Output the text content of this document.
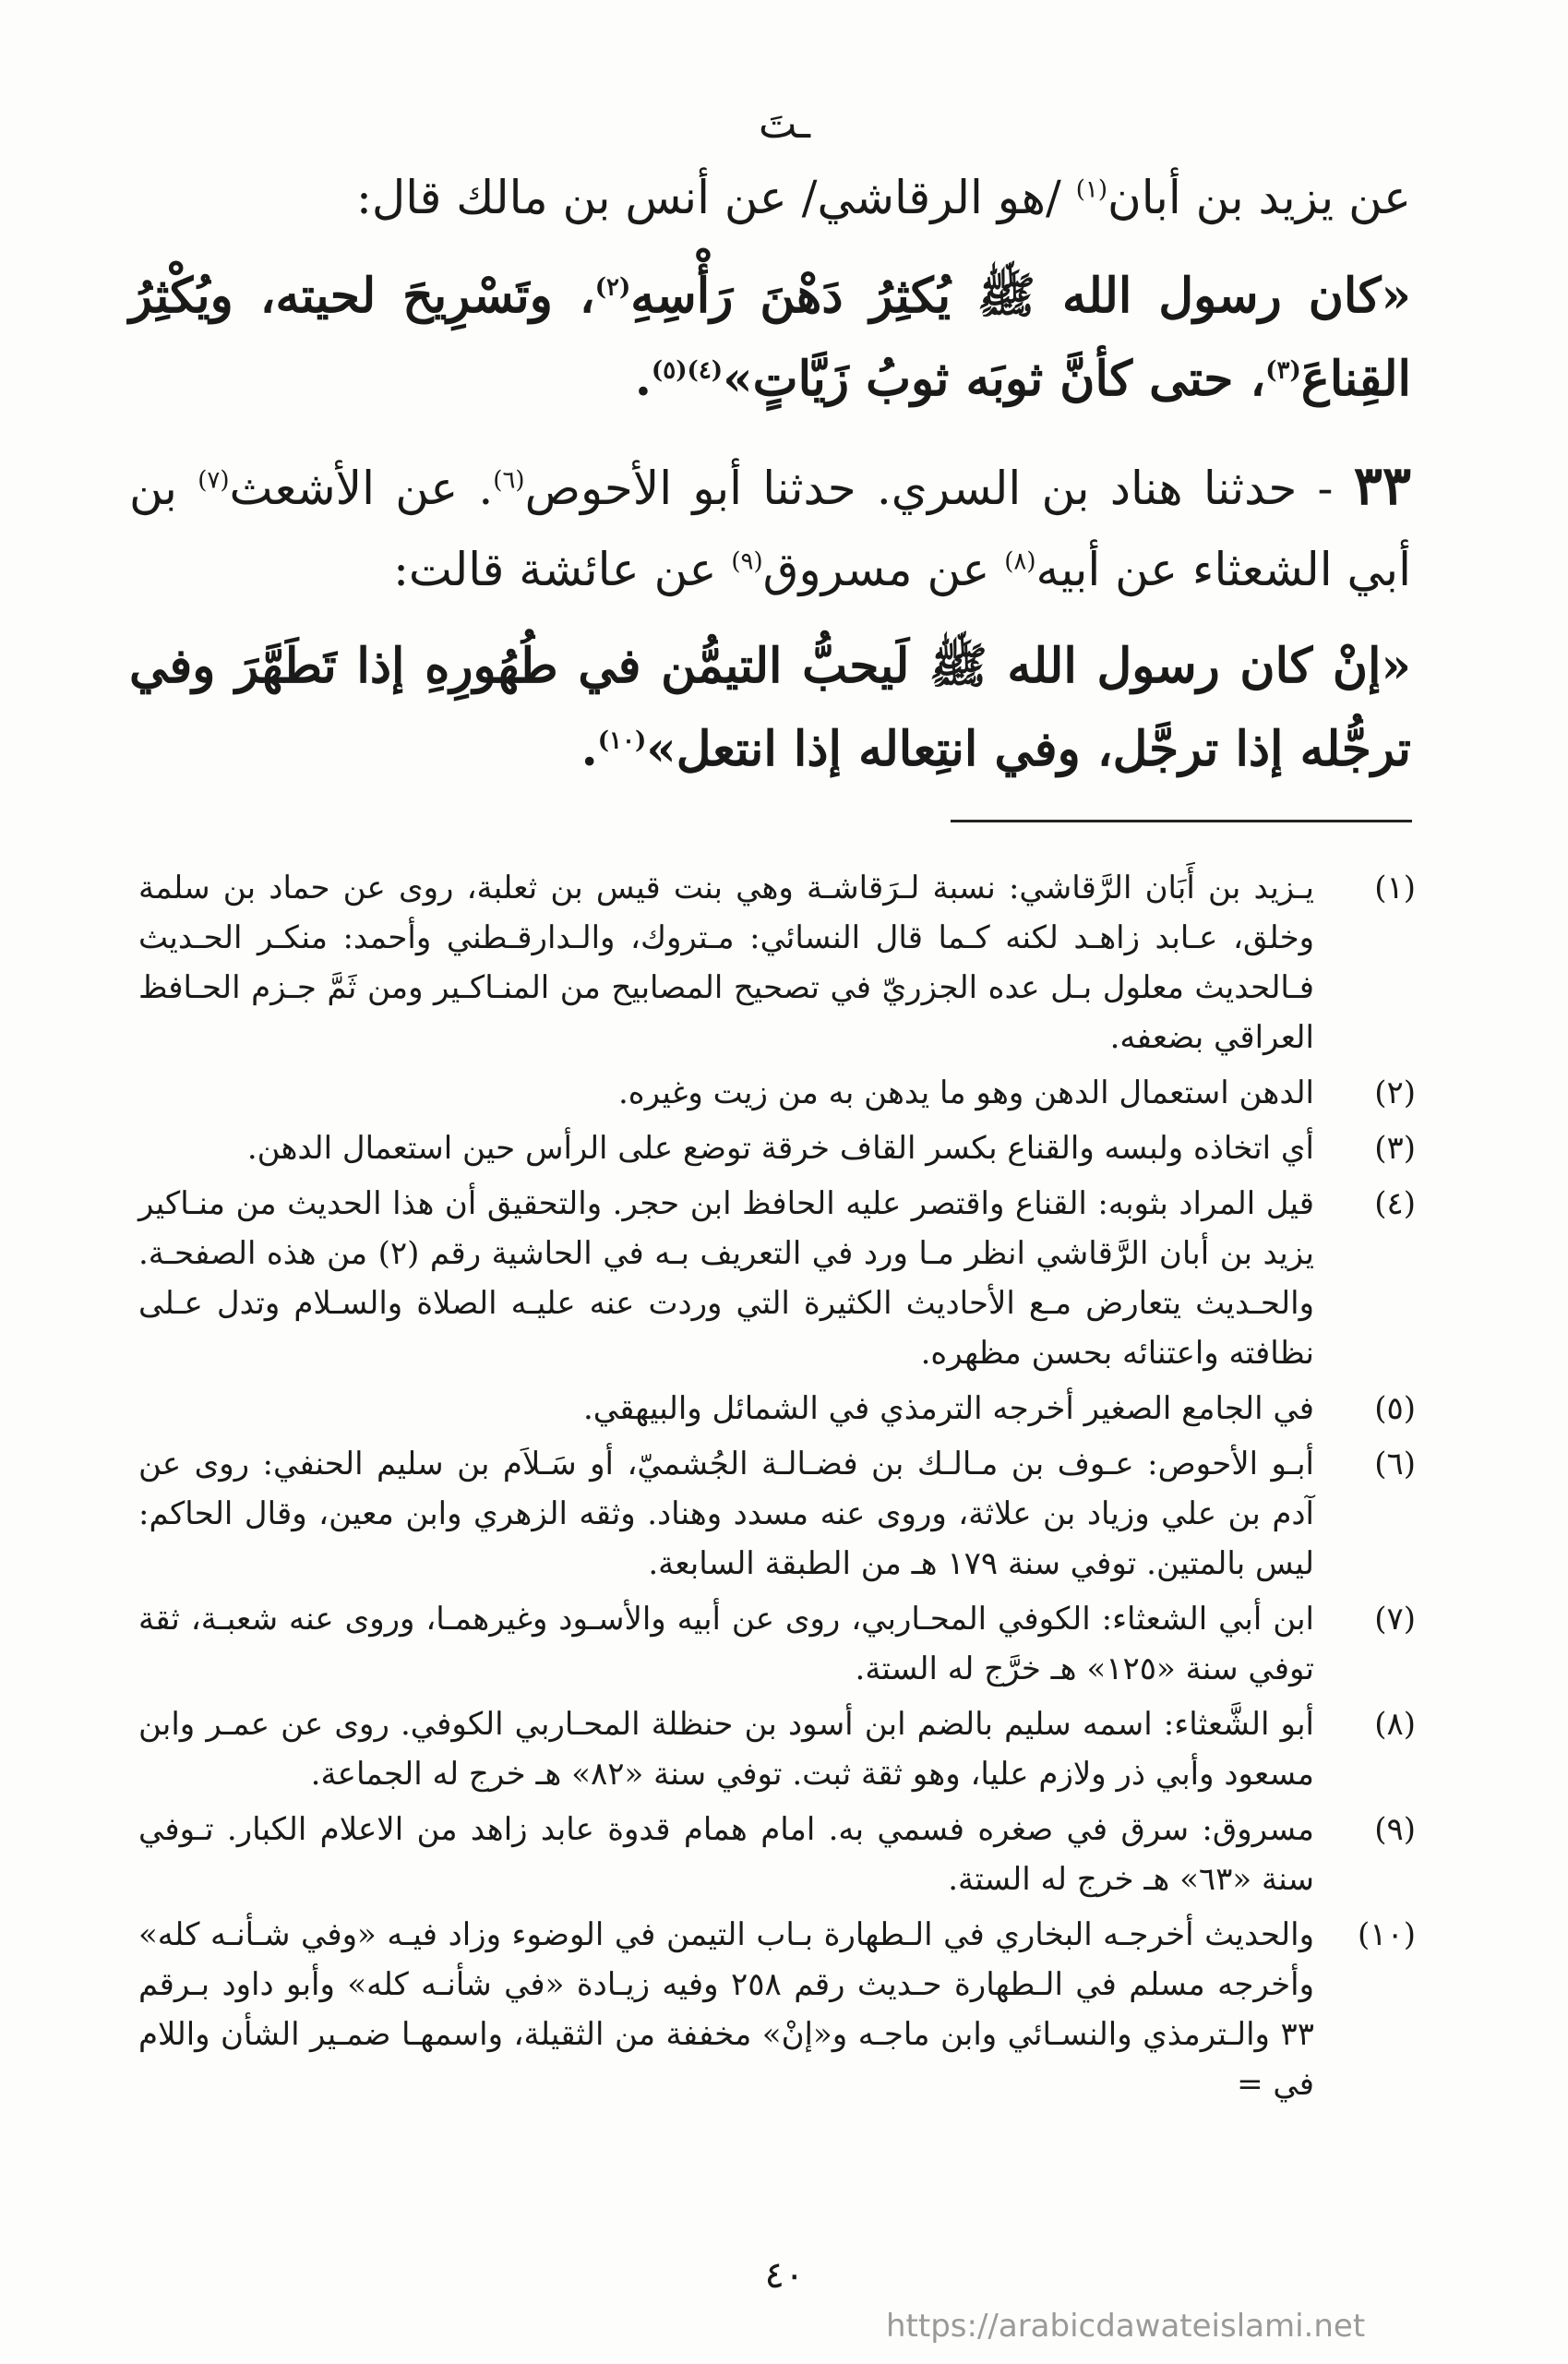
ـتَ

عن يزيد بن أبان$^{(١)}$ /هو الرقاشي/ عن أنس بن مالك قال:

«كان رسول الله ﷺ يُكثِرُ دَهْنَ رَأْسِهِ$^{(٢)}$، وتَسْرِيحَ لحيته، ويُكْثِرُ القِناعَ$^{(٣)}$، حتى كأنَّ ثوبَه ثوبُ زَيَّاتٍ»$^{(٤)(٥)}$.

٣٣ - حدثنا هناد بن السري. حدثنا أبو الأحوص$^{(٦)}$. عن الأشعث$^{(٧)}$ بن أبي الشعثاء عن أبيه$^{(٨)}$ عن مسروق$^{(٩)}$ عن عائشة قالت:

«إنْ كان رسول الله ﷺ لَيحبُّ التيمُّن في طُهُورِهِ إذا تَطَهَّرَ وفي ترجُّله إذا ترجَّل، وفي انتِعاله إذا انتعل»$^{(١٠)}$.

(١)
يـزيد بن أَبَان الرَّقاشي: نسبة لـرَقاشـة وهي بنت قيس بن ثعلبة، روى عن حماد بن سلمة وخلق، عـابد زاهـد لكنه كـما قال النسائي: مـتروك، والـدارقـطني وأحمد: منكـر الحـديث فـالحديث معلول بـل عده الجزريّ في تصحيح المصابيح من المنـاكـير ومن ثَمَّ جـزم الحـافظ العراقي بضعفه.
(٢)
الدهن استعمال الدهن وهو ما يدهن به من زيت وغيره.
(٣)
أي اتخاذه ولبسه والقناع بكسر القاف خرقة توضع على الرأس حين استعمال الدهن.
(٤)
قيل المراد بثوبه: القناع واقتصر عليه الحافظ ابن حجر. والتحقيق أن هذا الحديث من منـاكير يزيد بن أبان الرَّقاشي انظر مـا ورد في التعريف بـه في الحاشية رقم (٢) من هذه الصفحـة. والحـديث يتعارض مـع الأحاديث الكثيرة التي وردت عنه عليـه الصلاة والسـلام وتدل عـلى نظافته واعتنائه بحسن مظهره.
(٥)
في الجامع الصغير أخرجه الترمذي في الشمائل والبيهقي.
(٦)
أبـو الأحوص: عـوف بن مـالـك بن فضـالـة الجُشميّ، أو سَـلاَم بن سليم الحنفي: روى عن آدم بن علي وزياد بن علاثة، وروى عنه مسدد وهناد. وثقه الزهري وابن معين، وقال الحاكم: ليس بالمتين. توفي سنة ١٧٩ هـ من الطبقة السابعة.
(٧)
ابن أبي الشعثاء: الكوفي المحـاربي، روى عن أبيه والأسـود وغيرهمـا، وروى عنه شعبـة، ثقة توفي سنة «١٢٥» هـ خرَّج له الستة.
(٨)
أبو الشَّعثاء: اسمه سليم بالضم ابن أسود بن حنظلة المحـاربي الكوفي. روى عن عمـر وابن مسعود وأبي ذر ولازم عليا، وهو ثقة ثبت. توفي سنة «٨٢» هـ خرج له الجماعة.
(٩)
مسروق: سرق في صغره فسمي به. امام همام قدوة عابد زاهد من الاعلام الكبار. تـوفي سنة «٦٣» هـ خرج له الستة.
(١٠)
والحديث أخرجـه البخاري في الـطهارة بـاب التيمن في الوضوء وزاد فيـه «وفي شـأنـه كله» وأخرجه مسلم في الـطهارة حـديث رقم ٢٥٨ وفيه زيـادة «في شأنـه كله» وأبو داود بـرقم ٣٣ والـترمذي والنسـائي وابن ماجـه و«إنْ» مخففة من الثقيلة، واسمهـا ضمـير الشأن واللام في =
٤٠
https://arabicdawateislami.net
